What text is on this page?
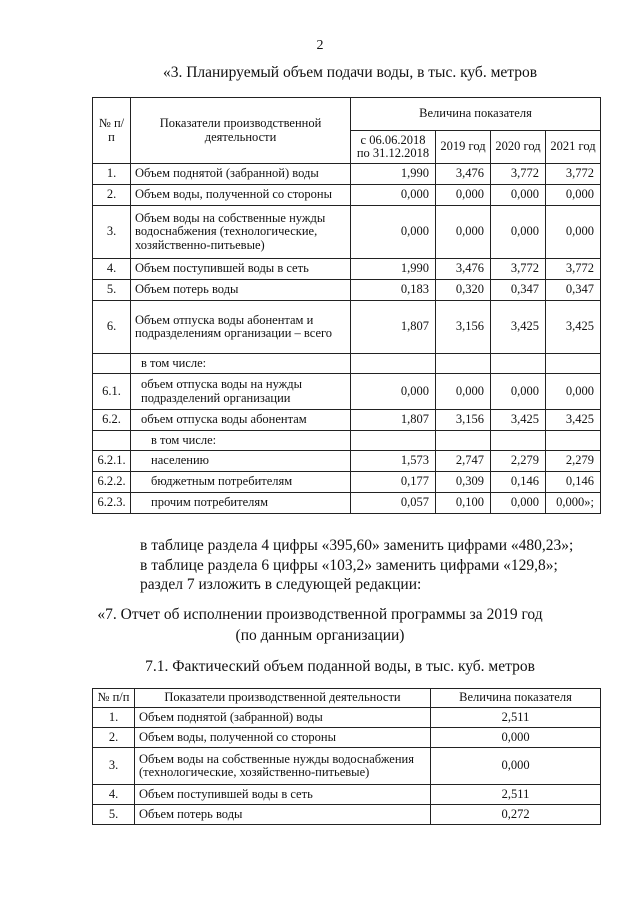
2
«3. Планируемый объем подачи воды, в тыс. куб. метров
№ п/п	Показатели производственной деятельности	Величина показателя			
		с 06.06.2018 по 31.12.2018	2019 год	2020 год	2021 год
1.	Объем поднятой (забранной) воды	1,990	3,476	3,772	3,772
2.	Объем воды, полученной со стороны	0,000	0,000	0,000	0,000
3.	Объем воды на собственные нужды водоснабжения (технологические, хозяйственно-питьевые)	0,000	0,000	0,000	0,000
4.	Объем поступившей воды в сеть	1,990	3,476	3,772	3,772
5.	Объем потерь воды	0,183	0,320	0,347	0,347
6.	Объем отпуска воды абонентам и подразделениям организации – всего	1,807	3,156	3,425	3,425
	в том числе:				
6.1.	объем отпуска воды на нужды подразделений организации	0,000	0,000	0,000	0,000
6.2.	объем отпуска воды абонентам	1,807	3,156	3,425	3,425
	в том числе:				
6.2.1.	населению	1,573	2,747	2,279	2,279
6.2.2.	бюджетным потребителям	0,177	0,309	0,146	0,146
6.2.3.	прочим потребителям	0,057	0,100	0,000	0,000»;
в таблице раздела 4 цифры «395,60» заменить цифрами «480,23»;
в таблице раздела 6 цифры «103,2» заменить цифрами «129,8»;
раздел 7 изложить в следующей редакции:
«7. Отчет об исполнении производственной программы за 2019 год
(по данным организации)
7.1. Фактический объем поданной воды, в тыс. куб. метров
№ п/п	Показатели производственной деятельности	Величина показателя
1.	Объем поднятой (забранной) воды	2,511
2.	Объем воды, полученной со стороны	0,000
3.	Объем воды на собственные нужды водоснабжения (технологические, хозяйственно-питьевые)	0,000
4.	Объем поступившей воды в сеть	2,511
5.	Объем потерь воды	0,272
